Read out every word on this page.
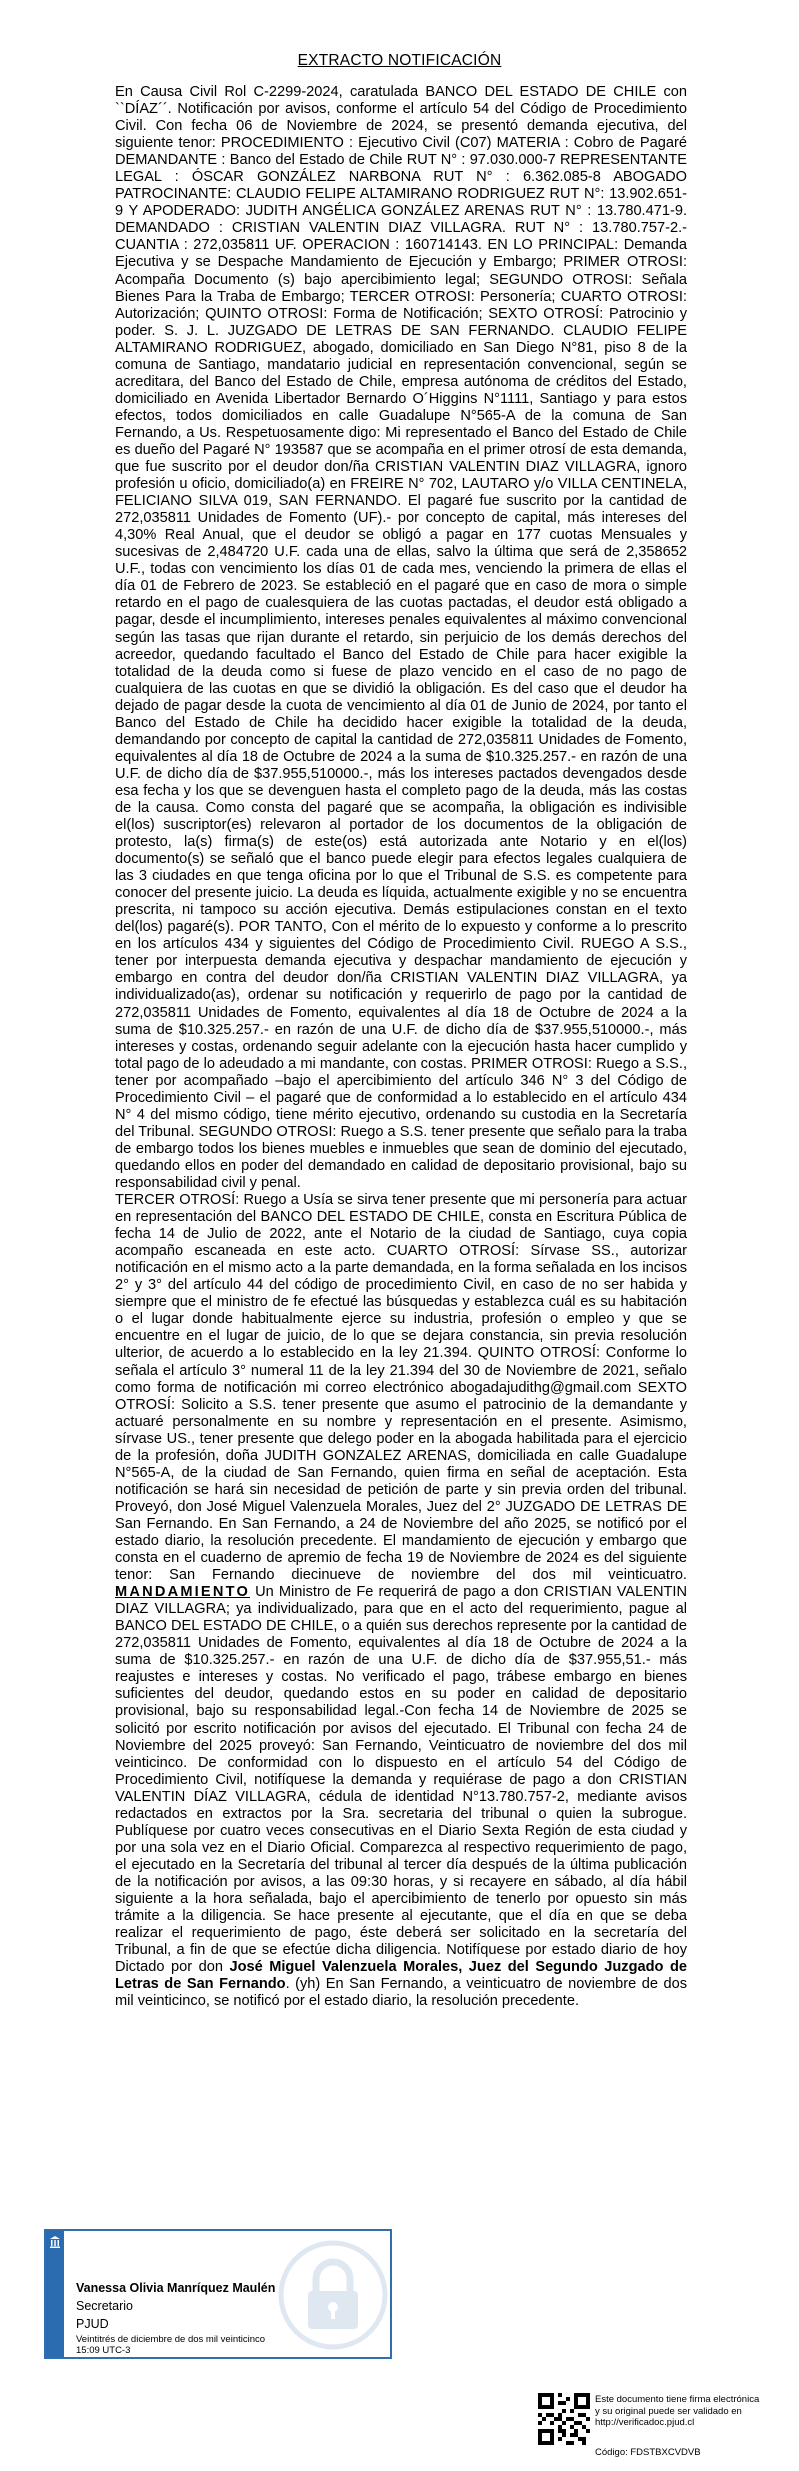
EXTRACTO NOTIFICACIÓN
En Causa Civil Rol C-2299-2024, caratulada BANCO DEL ESTADO DE CHILE con ``DÍAZ´´. Notificación por avisos, conforme el artículo 54 del Código de Procedimiento Civil. Con fecha 06 de Noviembre de 2024, se presentó demanda ejecutiva, del siguiente tenor: PROCEDIMIENTO : Ejecutivo Civil (C07) MATERIA : Cobro de Pagaré DEMANDANTE : Banco del Estado de Chile RUT N° : 97.030.000-7 REPRESENTANTE LEGAL : ÓSCAR GONZÁLEZ NARBONA RUT N° : 6.362.085-8 ABOGADO PATROCINANTE: CLAUDIO FELIPE ALTAMIRANO RODRIGUEZ RUT N°: 13.902.651-9 Y APODERADO: JUDITH ANGÉLICA GONZÁLEZ ARENAS RUT N° : 13.780.471-9. DEMANDADO : CRISTIAN VALENTIN DIAZ VILLAGRA. RUT N° : 13.780.757-2.- CUANTIA : 272,035811 UF. OPERACION : 160714143. EN LO PRINCIPAL: Demanda Ejecutiva y se Despache Mandamiento de Ejecución y Embargo; PRIMER OTROSI: Acompaña Documento (s) bajo apercibimiento legal; SEGUNDO OTROSI: Señala Bienes Para la Traba de Embargo; TERCER OTROSI: Personería; CUARTO OTROSI: Autorización; QUINTO OTROSI: Forma de Notificación; SEXTO OTROSÍ: Patrocinio y poder. S. J. L. JUZGADO DE LETRAS DE SAN FERNANDO. CLAUDIO FELIPE ALTAMIRANO RODRIGUEZ, abogado, domiciliado en San Diego N°81, piso 8 de la comuna de Santiago, mandatario judicial en representación convencional, según se acreditara, del Banco del Estado de Chile, empresa autónoma de créditos del Estado, domiciliado en Avenida Libertador Bernardo O´Higgins N°1111, Santiago y para estos efectos, todos domiciliados en calle Guadalupe N°565-A de la comuna de San Fernando, a Us. Respetuosamente digo: Mi representado el Banco del Estado de Chile es dueño del Pagaré N° 193587 que se acompaña en el primer otrosí de esta demanda, que fue suscrito por el deudor don/ña CRISTIAN VALENTIN DIAZ VILLAGRA, ignoro profesión u oficio, domiciliado(a) en FREIRE N° 702, LAUTARO y/o VILLA CENTINELA, FELICIANO SILVA 019, SAN FERNANDO. El pagaré fue suscrito por la cantidad de 272,035811 Unidades de Fomento (UF).- por concepto de capital, más intereses del 4,30% Real Anual, que el deudor se obligó a pagar en 177 cuotas Mensuales y sucesivas de 2,484720 U.F. cada una de ellas, salvo la última que será de 2,358652 U.F., todas con vencimiento los días 01 de cada mes, venciendo la primera de ellas el día 01 de Febrero de 2023. Se estableció en el pagaré que en caso de mora o simple retardo en el pago de cualesquiera de las cuotas pactadas, el deudor está obligado a pagar, desde el incumplimiento, intereses penales equivalentes al máximo convencional según las tasas que rijan durante el retardo, sin perjuicio de los demás derechos del acreedor, quedando facultado el Banco del Estado de Chile para hacer exigible la totalidad de la deuda como si fuese de plazo vencido en el caso de no pago de cualquiera de las cuotas en que se dividió la obligación. Es del caso que el deudor ha dejado de pagar desde la cuota de vencimiento al día 01 de Junio de 2024, por tanto el Banco del Estado de Chile ha decidido hacer exigible la totalidad de la deuda, demandando por concepto de capital la cantidad de 272,035811 Unidades de Fomento, equivalentes al día 18 de Octubre de 2024 a la suma de $10.325.257.- en razón de una U.F. de dicho día de $37.955,510000.-, más los intereses pactados devengados desde esa fecha y los que se devenguen hasta el completo pago de la deuda, más las costas de la causa. Como consta del pagaré que se acompaña, la obligación es indivisible el(los) suscriptor(es) relevaron al portador de los documentos de la obligación de protesto, la(s) firma(s) de este(os) está autorizada ante Notario y en el(los) documento(s) se señaló que el banco puede elegir para efectos legales cualquiera de las 3 ciudades en que tenga oficina por lo que el Tribunal de S.S. es competente para conocer del presente juicio. La deuda es líquida, actualmente exigible y no se encuentra prescrita, ni tampoco su acción ejecutiva. Demás estipulaciones constan en el texto del(los) pagaré(s). POR TANTO, Con el mérito de lo expuesto y conforme a lo prescrito en los artículos 434 y siguientes del Código de Procedimiento Civil. RUEGO A S.S., tener por interpuesta demanda ejecutiva y despachar mandamiento de ejecución y embargo en contra del deudor don/ña CRISTIAN VALENTIN DIAZ VILLAGRA, ya individualizado(as), ordenar su notificación y requerirlo de pago por la cantidad de 272,035811 Unidades de Fomento, equivalentes al día 18 de Octubre de 2024 a la suma de $10.325.257.- en razón de una U.F. de dicho día de $37.955,510000.-, más intereses y costas, ordenando seguir adelante con la ejecución hasta hacer cumplido y total pago de lo adeudado a mi mandante, con costas. PRIMER OTROSI: Ruego a S.S., tener por acompañado –bajo el apercibimiento del artículo 346 N° 3 del Código de Procedimiento Civil – el pagaré que de conformidad a lo establecido en el artículo 434 N° 4 del mismo código, tiene mérito ejecutivo, ordenando su custodia en la Secretaría del Tribunal. SEGUNDO OTROSI: Ruego a S.S. tener presente que señalo para la traba de embargo todos los bienes muebles e inmuebles que sean de dominio del ejecutado, quedando ellos en poder del demandado en calidad de depositario provisional, bajo su responsabilidad civil y penal.
TERCER OTROSÍ: Ruego a Usía se sirva tener presente que mi personería para actuar en representación del BANCO DEL ESTADO DE CHILE, consta en Escritura Pública de fecha 14 de Julio de 2022, ante el Notario de la ciudad de Santiago, cuya copia acompaño escaneada en este acto. CUARTO OTROSÍ: Sírvase SS., autorizar notificación en el mismo acto a la parte demandada, en la forma señalada en los incisos 2° y 3° del artículo 44 del código de procedimiento Civil, en caso de no ser habida y siempre que el ministro de fe efectué las búsquedas y establezca cuál es su habitación o el lugar donde habitualmente ejerce su industria, profesión o empleo y que se encuentre en el lugar de juicio, de lo que se dejara constancia, sin previa resolución ulterior, de acuerdo a lo establecido en la ley 21.394. QUINTO OTROSÍ: Conforme lo señala el artículo 3° numeral 11 de la ley 21.394 del 30 de Noviembre de 2021, señalo como forma de notificación mi correo electrónico abogadajudithg@gmail.com SEXTO OTROSÍ: Solicito a S.S. tener presente que asumo el patrocinio de la demandante y actuaré personalmente en su nombre y representación en el presente. Asimismo, sírvase US., tener presente que delego poder en la abogada habilitada para el ejercicio de la profesión, doña JUDITH GONZALEZ ARENAS, domiciliada en calle Guadalupe N°565-A, de la ciudad de San Fernando, quien firma en señal de aceptación. Esta notificación se hará sin necesidad de petición de parte y sin previa orden del tribunal. Proveyó, don José Miguel Valenzuela Morales, Juez del 2° JUZGADO DE LETRAS DE San Fernando. En San Fernando, a 24 de Noviembre del año 2025, se notificó por el estado diario, la resolución precedente. El mandamiento de ejecución y embargo que consta en el cuaderno de apremio de fecha 19 de Noviembre de 2024 es del siguiente tenor: San Fernando diecinueve de noviembre del dos mil veinticuatro. MANDAMIENTO Un Ministro de Fe requerirá de pago a don CRISTIAN VALENTIN DIAZ VILLAGRA; ya individualizado, para que en el acto del requerimiento, pague al BANCO DEL ESTADO DE CHILE, o a quién sus derechos represente por la cantidad de 272,035811 Unidades de Fomento, equivalentes al día 18 de Octubre de 2024 a la suma de $10.325.257.- en razón de una U.F. de dicho día de $37.955,51.- más reajustes e intereses y costas. No verificado el pago, trábese embargo en bienes suficientes del deudor, quedando estos en su poder en calidad de depositario provisional, bajo su responsabilidad legal.-Con fecha 14 de Noviembre de 2025 se solicitó por escrito notificación por avisos del ejecutado. El Tribunal con fecha 24 de Noviembre del 2025 proveyó: San Fernando, Veinticuatro de noviembre del dos mil veinticinco. De conformidad con lo dispuesto en el artículo 54 del Código de Procedimiento Civil, notifíquese la demanda y requiérase de pago a don CRISTIAN VALENTIN DÍAZ VILLAGRA, cédula de identidad N°13.780.757-2, mediante avisos redactados en extractos por la Sra. secretaria del tribunal o quien la subrogue. Publíquese por cuatro veces consecutivas en el Diario Sexta Región de esta ciudad y por una sola vez en el Diario Oficial. Comparezca al respectivo requerimiento de pago, el ejecutado en la Secretaría del tribunal al tercer día después de la última publicación de la notificación por avisos, a las 09:30 horas, y si recayere en sábado, al día hábil siguiente a la hora señalada, bajo el apercibimiento de tenerlo por opuesto sin más trámite a la diligencia. Se hace presente al ejecutante, que el día en que se deba realizar el requerimiento de pago, éste deberá ser solicitado en la secretaría del Tribunal, a fin de que se efectúe dicha diligencia. Notifíquese por estado diario de hoy Dictado por don José Miguel Valenzuela Morales, Juez del Segundo Juzgado de Letras de San Fernando. (yh) En San Fernando, a veinticuatro de noviembre de dos mil veinticinco, se notificó por el estado diario, la resolución precedente.
Vanessa Olivia Manríquez Maulén
Secretario
PJUD
Veintitrés de diciembre de dos mil veinticinco
15:09 UTC-3
Este documento tiene firma electrónica
y su original puede ser validado en
http://verificadoc.pjud.cl
Código: FDSTBXCVDVB
